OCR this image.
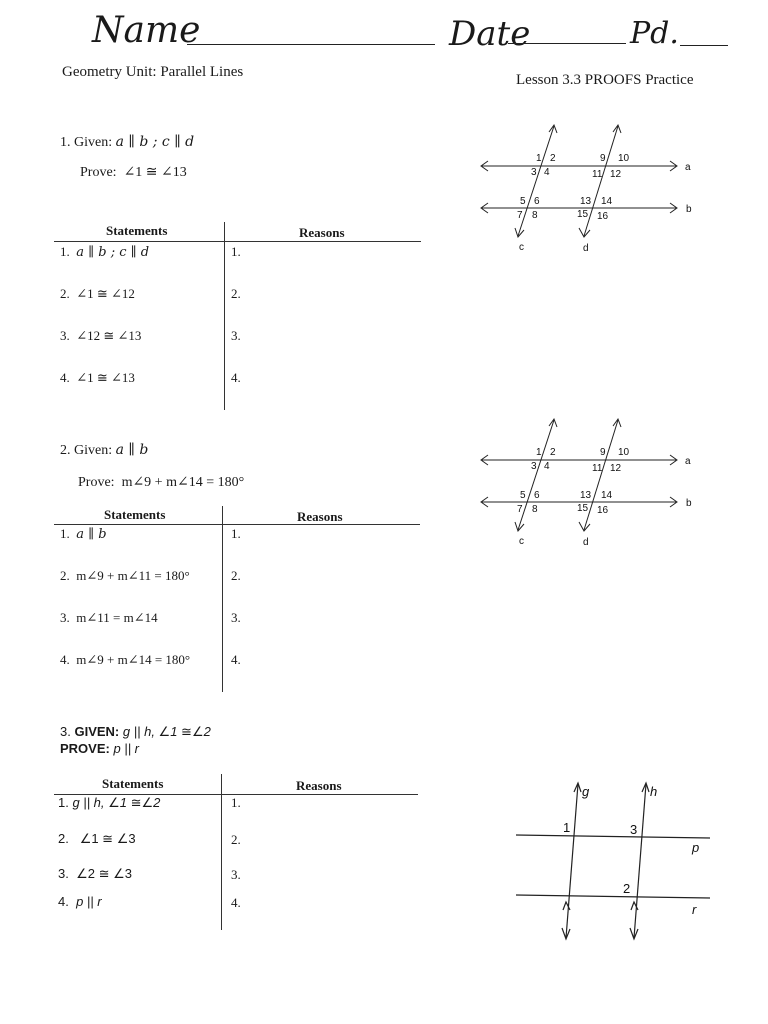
Name	Date	Pd.
Geometry Unit: Parallel Lines	Lesson 3.3 PROOFS Practice
1. Given: a ∥ b ; c ∥ d
Prove: ∠1 ≅ ∠13
Statements	Reasons
1. a ∥ b ; c ∥ d	1.
2. ∠1 ≅ ∠12	2.
3. ∠12 ≅ ∠13	3.
4. ∠1 ≅ ∠13	4.
1 2
3 4
5 6
7 8
9 10
11 12
13 14
15 16
a
b
c	d
2. Given: a ∥ b
Prove: m∠9 + m∠14 = 180°
Statements	Reasons
1. a ∥ b	1.
2. m∠9 + m∠11 = 180°	2.
3. m∠11 = m∠14	3.
4. m∠9 + m∠14 = 180°	4.
1 2
3 4
5 6
7 8
9 10
11 12
13 14
15 16
a
b
c	d
3. GIVEN: g || h, ∠1 ≅∠2
PROVE: p || r
Statements	Reasons
1. g || h, ∠1 ≅∠2	1.
2. ∠1 ≅ ∠3	2.
3. ∠2 ≅ ∠3	3.
4. p || r	4.
g	h
p
r
1	3
2
